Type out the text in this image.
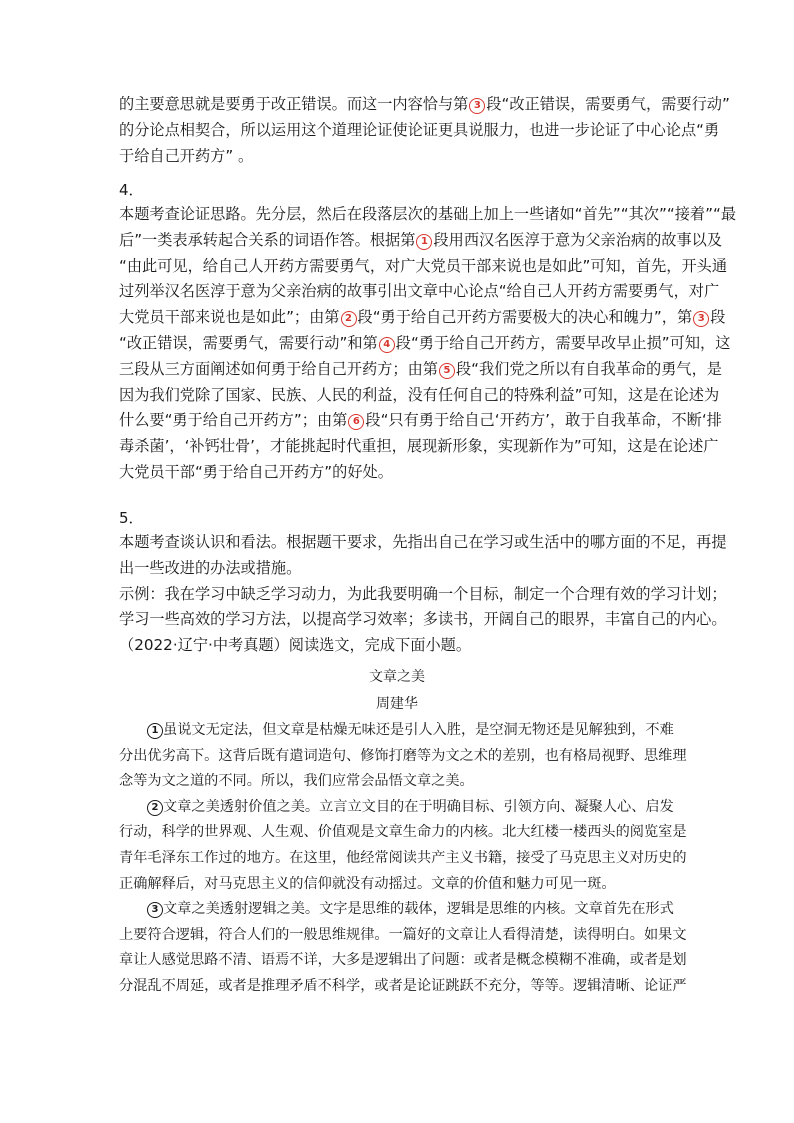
的主要意思就是要勇于改正错误。而这一内容恰与第 3 段“改正错误，需要勇气，需要行动”
的分论点相契合，所以运用这个道理论证使论证更具说服力，也进一步论证了中心论点“勇
于给自己开药方” 。
4．
本题考查论证思路。先分层，然后在段落层次的基础上加上一些诸如“首先”“其次”“接着”“最
后”一类表承转起合关系的词语作答。根据第 1 段用西汉名医淳于意为父亲治病的故事以及
“由此可见，给自己人开药方需要勇气，对广大党员干部来说也是如此”可知，首先，开头通
过列举汉名医淳于意为父亲治病的故事引出文章中心论点“给自己人开药方需要勇气，对广
大党员干部来说也是如此”；由第 2 段“勇于给自己开药方需要极大的决心和魄力”，第 3 段
“改正错误，需要勇气，需要行动”和第 4 段“勇于给自己开药方，需要早改早止损”可知，这
三段从三方面阐述如何勇于给自己开药方；由第 5 段“我们党之所以有自我革命的勇气，是
因为我们党除了国家、民族、人民的利益，没有任何自己的特殊利益”可知，这是在论述为
什么要“勇于给自己开药方”；由第 6 段“只有勇于给自己‘开药方’，敢于自我革命，不断‘排
毒杀菌’，‘补钙壮骨’，才能挑起时代重担，展现新形象，实现新作为”可知，这是在论述广
大党员干部“勇于给自己开药方”的好处。
5．
本题考查谈认识和看法。根据题干要求，先指出自己在学习或生活中的哪方面的不足，再提
出一些改进的办法或措施。
示例：我在学习中缺乏学习动力，为此我要明确一个目标，制定一个合理有效的学习计划；
学习一些高效的学习方法，以提高学习效率；多读书，开阔自己的眼界，丰富自己的内心。
（2022·辽宁·中考真题）阅读选文，完成下面小题。
文章之美
周建华
1 虽说文无定法，但文章是枯燥无味还是引人入胜，是空洞无物还是见解独到，不难
分出优劣高下。这背后既有遣词造句、修饰打磨等为文之术的差别，也有格局视野、思维理
念等为文之道的不同。所以，我们应常会品悟文章之美。
2 文章之美透射价值之美。立言立文目的在于明确目标、引领方向、凝聚人心、启发
行动，科学的世界观、人生观、价值观是文章生命力的内核。北大红楼一楼西头的阅览室是
青年毛泽东工作过的地方。在这里，他经常阅读共产主义书籍，接受了马克思主义对历史的
正确解释后，对马克思主义的信仰就没有动摇过。文章的价值和魅力可见一斑。
3 文章之美透射逻辑之美。文字是思维的载体，逻辑是思维的内核。文章首先在形式
上要符合逻辑，符合人们的一般思维规律。一篇好的文章让人看得清楚，读得明白。如果文
章让人感觉思路不清、语焉不详，大多是逻辑出了问题：或者是概念模糊不准确，或者是划
分混乱不周延，或者是推理矛盾不科学，或者是论证跳跃不充分，等等。逻辑清晰、论证严
